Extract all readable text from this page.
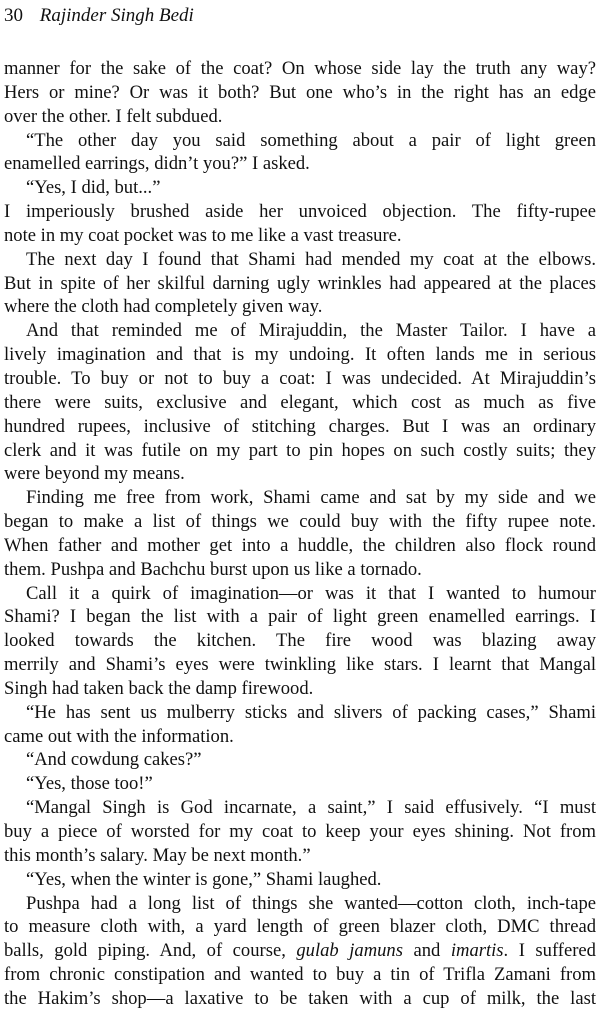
30 Rajinder Singh Bedi
manner for the sake of the coat? On whose side lay the truth any way?
Hers or mine? Or was it both? But one who’s in the right has an edge
over the other. I felt subdued.
“The other day you said something about a pair of light green
enamelled earrings, didn’t you?” I asked.
“Yes, I did, but...”
I imperiously brushed aside her unvoiced objection. The fifty-rupee
note in my coat pocket was to me like a vast treasure.
The next day I found that Shami had mended my coat at the elbows.
But in spite of her skilful darning ugly wrinkles had appeared at the places
where the cloth had completely given way.
And that reminded me of Mirajuddin, the Master Tailor. I have a
lively imagination and that is my undoing. It often lands me in serious
trouble. To buy or not to buy a coat: I was undecided. At Mirajuddin’s
there were suits, exclusive and elegant, which cost as much as five
hundred rupees, inclusive of stitching charges. But I was an ordinary
clerk and it was futile on my part to pin hopes on such costly suits; they
were beyond my means.
Finding me free from work, Shami came and sat by my side and we
began to make a list of things we could buy with the fifty rupee note.
When father and mother get into a huddle, the children also flock round
them. Pushpa and Bachchu burst upon us like a tornado.
Call it a quirk of imagination—or was it that I wanted to humour
Shami? I began the list with a pair of light green enamelled earrings. I
looked towards the kitchen. The fire wood was blazing away
merrily and Shami’s eyes were twinkling like stars. I learnt that Mangal
Singh had taken back the damp firewood.
“He has sent us mulberry sticks and slivers of packing cases,” Shami
came out with the information.
“And cowdung cakes?”
“Yes, those too!”
“Mangal Singh is God incarnate, a saint,” I said effusively. “I must
buy a piece of worsted for my coat to keep your eyes shining. Not from
this month’s salary. May be next month.”
“Yes, when the winter is gone,” Shami laughed.
Pushpa had a long list of things she wanted—cotton cloth, inch-tape
to measure cloth with, a yard length of green blazer cloth, DMC thread
balls, gold piping. And, of course, gulab jamuns and imartis. I suffered
from chronic constipation and wanted to buy a tin of Trifla Zamani from
the Hakim’s shop—a laxative to be taken with a cup of milk, the last
